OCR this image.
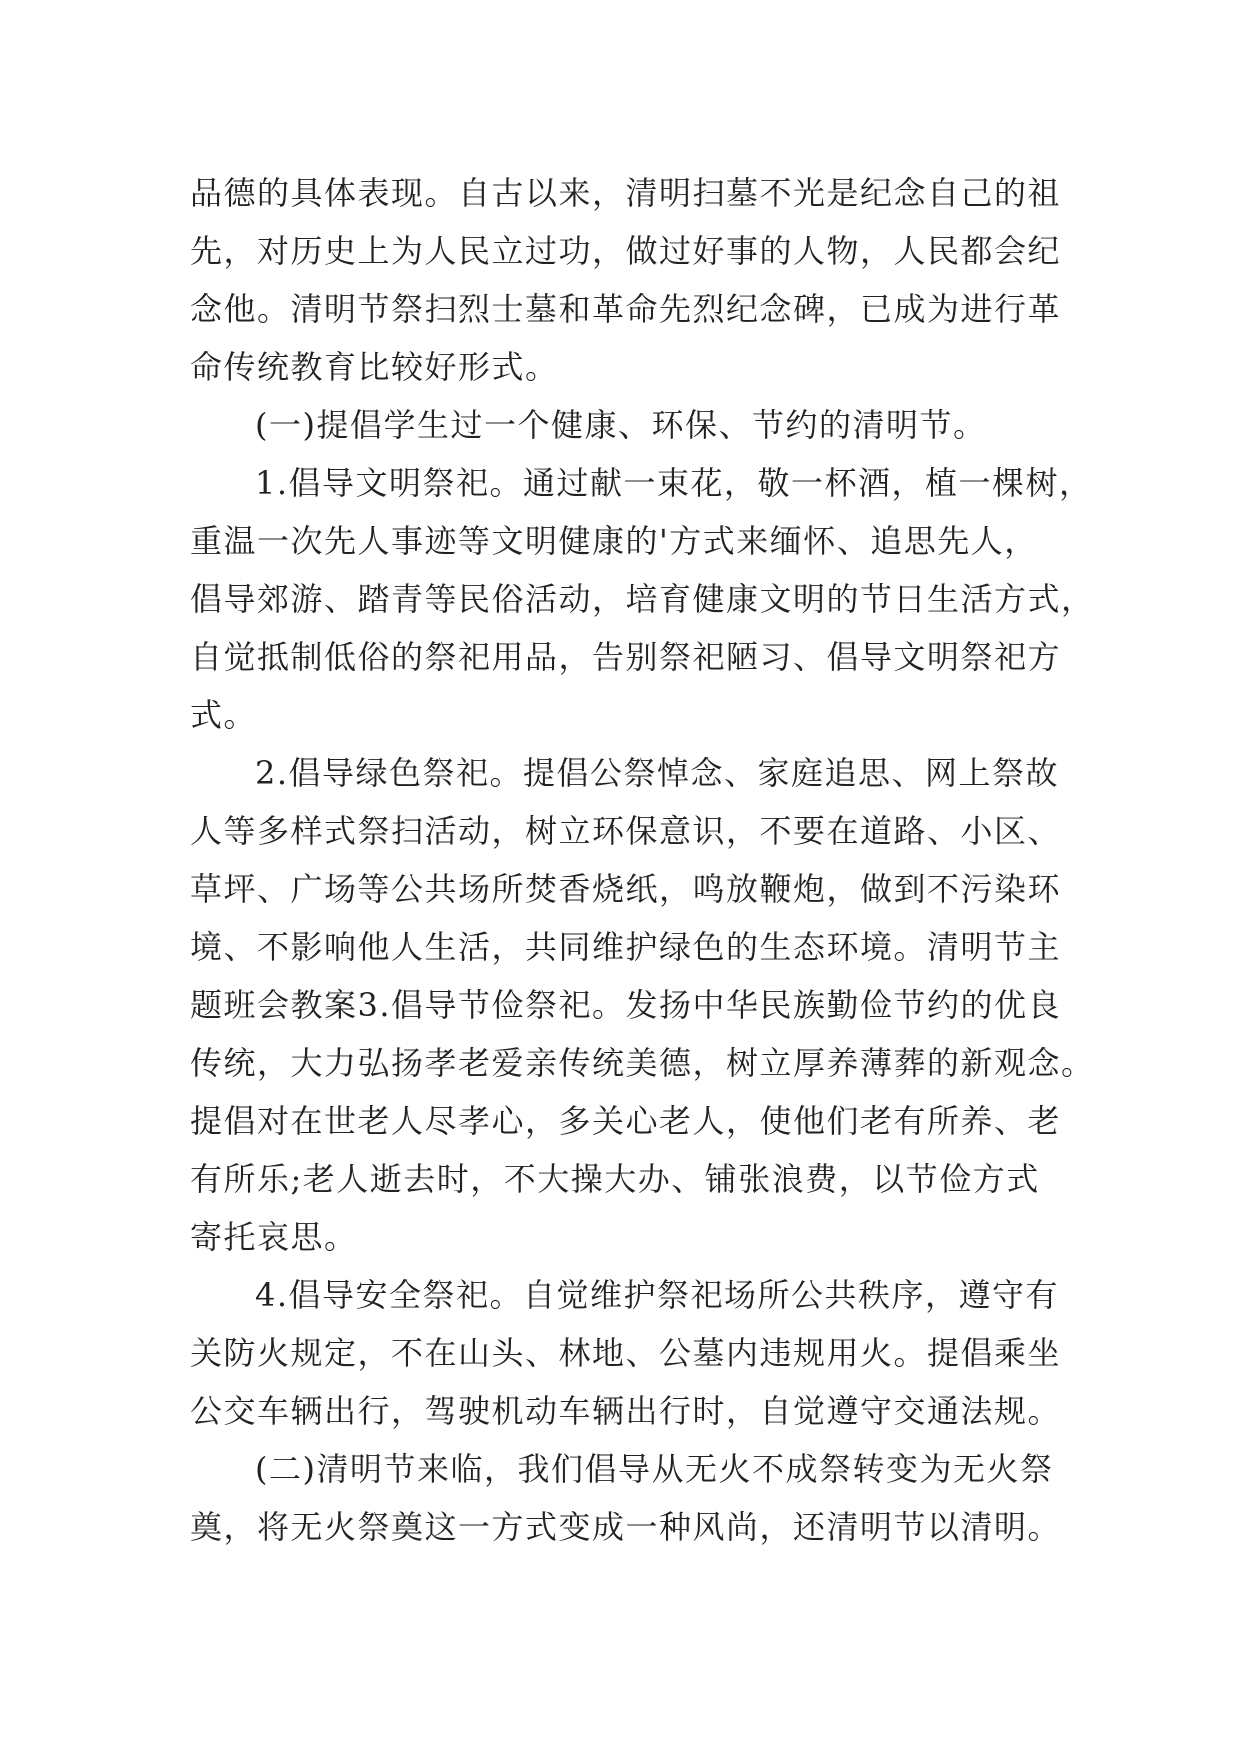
品德的具体表现。自古以来，清明扫墓不光是纪念自己的祖
先，对历史上为人民立过功，做过好事的人物，人民都会纪
念他。清明节祭扫烈士墓和革命先烈纪念碑，已成为进行革
命传统教育比较好形式。
(一)提倡学生过一个健康、环保、节约的清明节。
1.倡导文明祭祀。通过献一束花，敬一杯酒，植一棵树，
重温一次先人事迹等文明健康的'方式来缅怀、追思先人，
倡导郊游、踏青等民俗活动，培育健康文明的节日生活方式，
自觉抵制低俗的祭祀用品，告别祭祀陋习、倡导文明祭祀方
式。
2.倡导绿色祭祀。提倡公祭悼念、家庭追思、网上祭故
人等多样式祭扫活动，树立环保意识，不要在道路、小区、
草坪、广场等公共场所焚香烧纸，鸣放鞭炮，做到不污染环
境、不影响他人生活，共同维护绿色的生态环境。清明节主
题班会教案3.倡导节俭祭祀。发扬中华民族勤俭节约的优良
传统，大力弘扬孝老爱亲传统美德，树立厚养薄葬的新观念。
提倡对在世老人尽孝心，多关心老人，使他们老有所养、老
有所乐;老人逝去时，不大操大办、铺张浪费，以节俭方式
寄托哀思。
4.倡导安全祭祀。自觉维护祭祀场所公共秩序，遵守有
关防火规定，不在山头、林地、公墓内违规用火。提倡乘坐
公交车辆出行，驾驶机动车辆出行时，自觉遵守交通法规。
(二)清明节来临，我们倡导从无火不成祭转变为无火祭
奠，将无火祭奠这一方式变成一种风尚，还清明节以清明。
